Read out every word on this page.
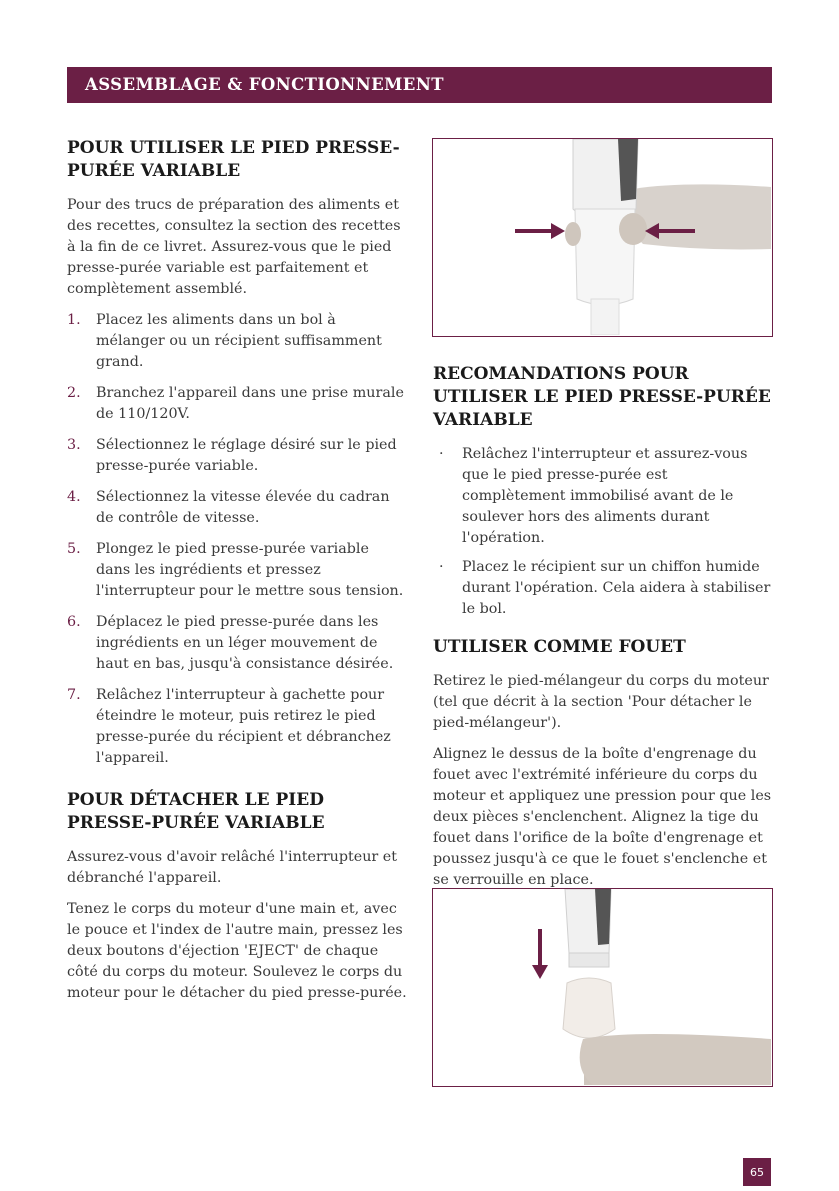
ASSEMBLAGE & FONCTIONNEMENT
POUR UTILISER LE PIED PRESSE-PURÉE VARIABLE

Pour des trucs de préparation des aliments et des recettes, consultez la section des recettes à la fin de ce livret. Assurez-vous que le pied presse-purée variable est parfaitement et complètement assemblé.

1. Placez les aliments dans un bol à mélanger ou un récipient suffisamment grand.
2. Branchez l'appareil dans une prise murale de 110/120V.
3. Sélectionnez le réglage désiré sur le pied presse-purée variable.
4. Sélectionnez la vitesse élevée du cadran de contrôle de vitesse.
5. Plongez le pied presse-purée variable dans les ingrédients et pressez l'interrupteur pour le mettre sous tension.
6. Déplacez le pied presse-purée dans les ingrédients en un léger mouvement de haut en bas, jusqu'à consistance désirée.
7. Relâchez l'interrupteur à gachette pour éteindre le moteur, puis retirez le pied presse-purée du récipient et débranchez l'appareil.
POUR DÉTACHER LE PIED PRESSE-PURÉE VARIABLE

Assurez-vous d'avoir relâché l'interrupteur et débranché l'appareil.

Tenez le corps du moteur d'une main et, avec le pouce et l'index de l'autre main, pressez les deux boutons d'éjection 'EJECT' de chaque côté du corps du moteur. Soulevez le corps du moteur pour le détacher du pied presse-purée.

RECOMANDATIONS POUR UTILISER LE PIED PRESSE-PURÉE VARIABLE
· Relâchez l'interrupteur et assurez-vous que le pied presse-purée est complètement immobilisé avant de le soulever hors des aliments durant l'opération.
· Placez le récipient sur un chiffon humide durant l'opération. Cela aidera à stabiliser le bol.
UTILISER COMME FOUET

Retirez le pied-mélangeur du corps du moteur (tel que décrit à la section 'Pour détacher le pied-mélangeur').

Alignez le dessus de la boîte d'engrenage du fouet avec l'extrémité inférieure du corps du moteur et appliquez une pression pour que les deux pièces s'enclenchent. Alignez la tige du fouet dans l'orifice de la boîte d'engrenage et poussez jusqu'à ce que le fouet s'enclenche et se verrouille en place.

65
